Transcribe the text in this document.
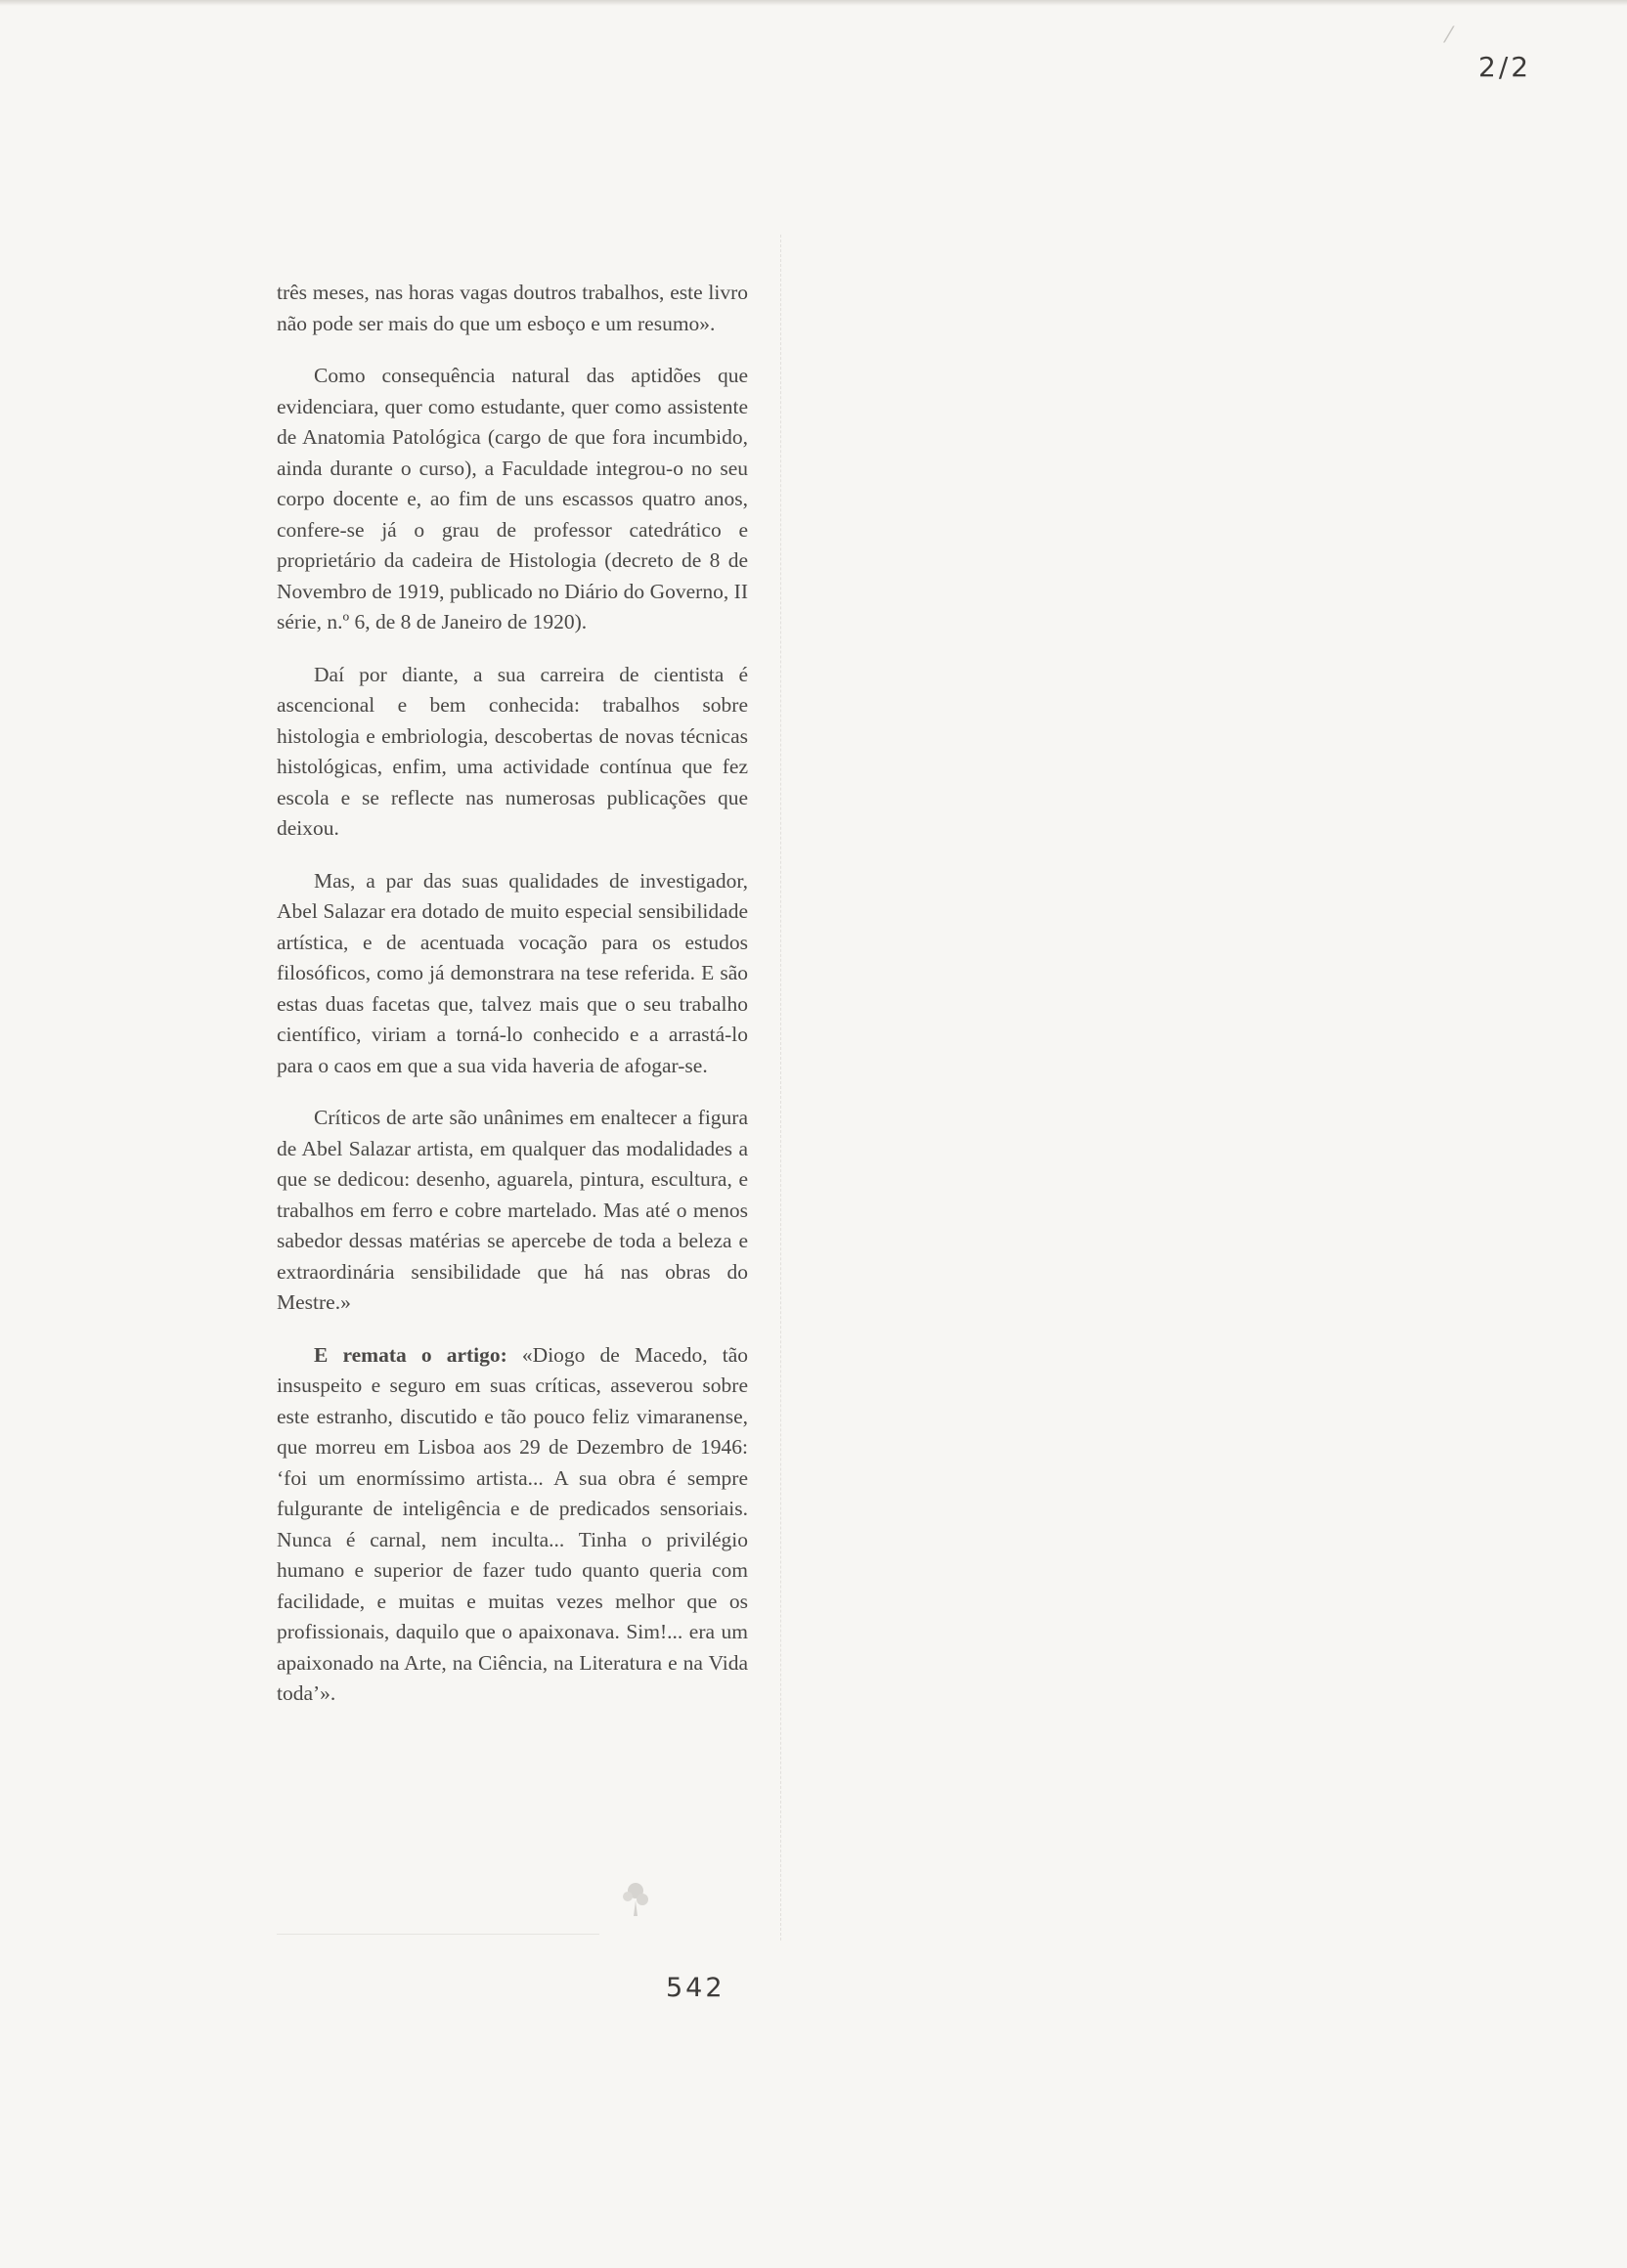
⁄
2/2

três meses, nas horas vagas doutros trabalhos, este livro não pode ser mais do que um esboço e um resumo».

Como consequência natural das aptidões que evidenciara, quer como estudante, quer como assistente de Anatomia Patológica (cargo de que fora incumbido, ainda durante o curso), a Faculdade integrou-o no seu corpo docente e, ao fim de uns escassos quatro anos, confere-se já o grau de professor catedrático e proprietário da cadeira de Histologia (decreto de 8 de Novembro de 1919, publicado no Diário do Governo, II série, n.º 6, de 8 de Janeiro de 1920).

Daí por diante, a sua carreira de cientista é ascencional e bem conhecida: trabalhos sobre histologia e embriologia, descobertas de novas técnicas histológicas, enfim, uma actividade contínua que fez escola e se reflecte nas numerosas publicações que deixou.

Mas, a par das suas qualidades de investigador, Abel Salazar era dotado de muito especial sensibilidade artística, e de acentuada vocação para os estudos filosóficos, como já demonstrara na tese referida. E são estas duas facetas que, talvez mais que o seu trabalho científico, viriam a torná-lo conhecido e a arrastá-lo para o caos em que a sua vida haveria de afogar-se.

Críticos de arte são unânimes em enaltecer a figura de Abel Salazar artista, em qualquer das modalidades a que se dedicou: desenho, aguarela, pintura, escultura, e trabalhos em ferro e cobre martelado. Mas até o menos sabedor dessas matérias se apercebe de toda a beleza e extraordinária sensibilidade que há nas obras do Mestre.»

E remata o artigo: «Diogo de Macedo, tão insuspeito e seguro em suas críticas, asseverou sobre este estranho, discutido e tão pouco feliz vimaranense, que morreu em Lisboa aos 29 de Dezembro de 1946: ‘foi um enormíssimo artista... A sua obra é sempre fulgurante de inteligência e de predicados sensoriais. Nunca é carnal, nem inculta... Tinha o privilégio humano e superior de fazer tudo quanto queria com facilidade, e muitas e muitas vezes melhor que os profissionais, daquilo que o apaixonava. Sim!... era um apaixonado na Arte, na Ciência, na Literatura e na Vida toda’».

542
